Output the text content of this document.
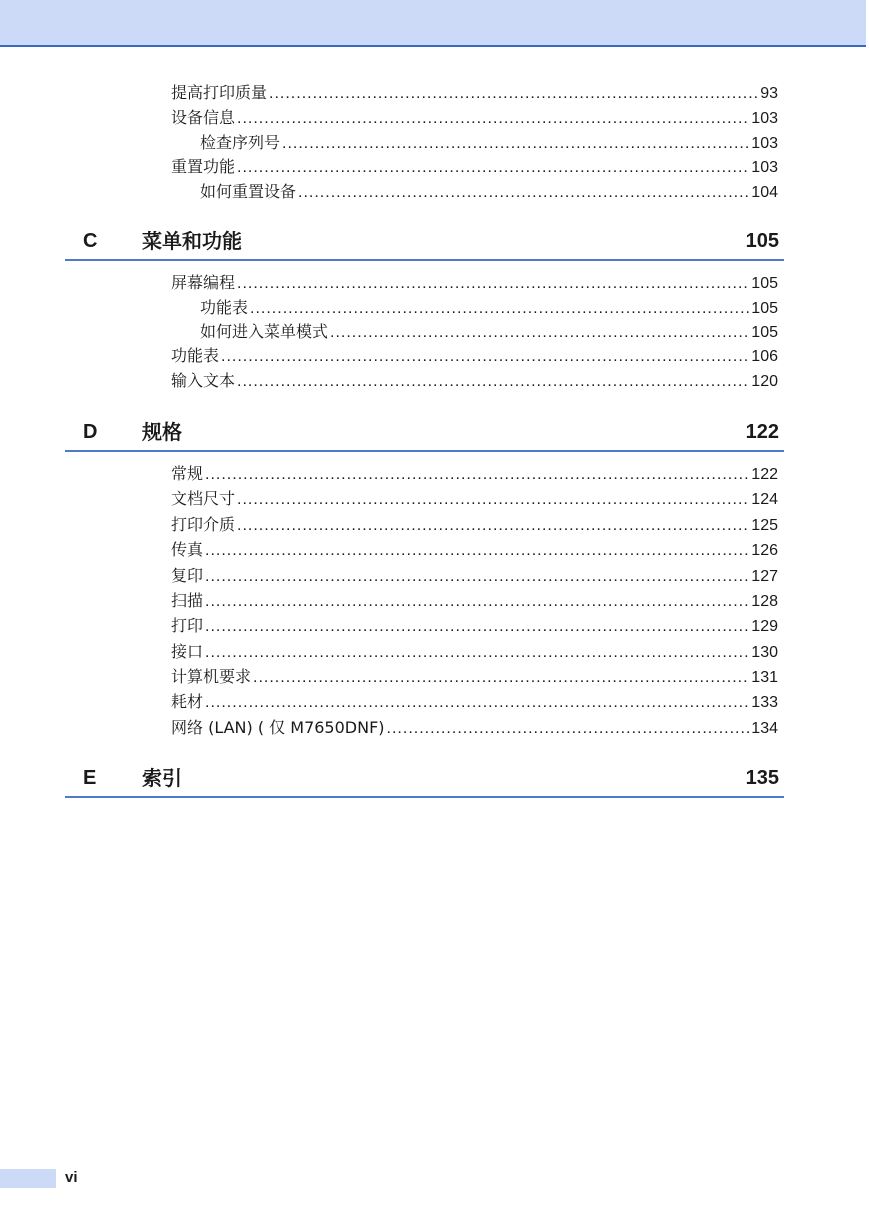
提高打印质量 .....	93
设备信息 .....	103
检查序列号 .....	103
重置功能 .....	103
如何重置设备 .....	104
C 菜单和功能	105
屏幕编程 .....	105
功能表 .....	105
如何进入菜单模式 .....	105
功能表 .....	106
输入文本 .....	120
D 规格	122
常规 .....	122
文档尺寸 .....	124
打印介质 .....	125
传真 .....	126
复印 .....	127
扫描 .....	128
打印 .....	129
接口 .....	130
计算机要求 .....	131
耗材 .....	133
网络 (LAN) ( 仅 M7650DNF) .....	134
E 索引	135
vi
